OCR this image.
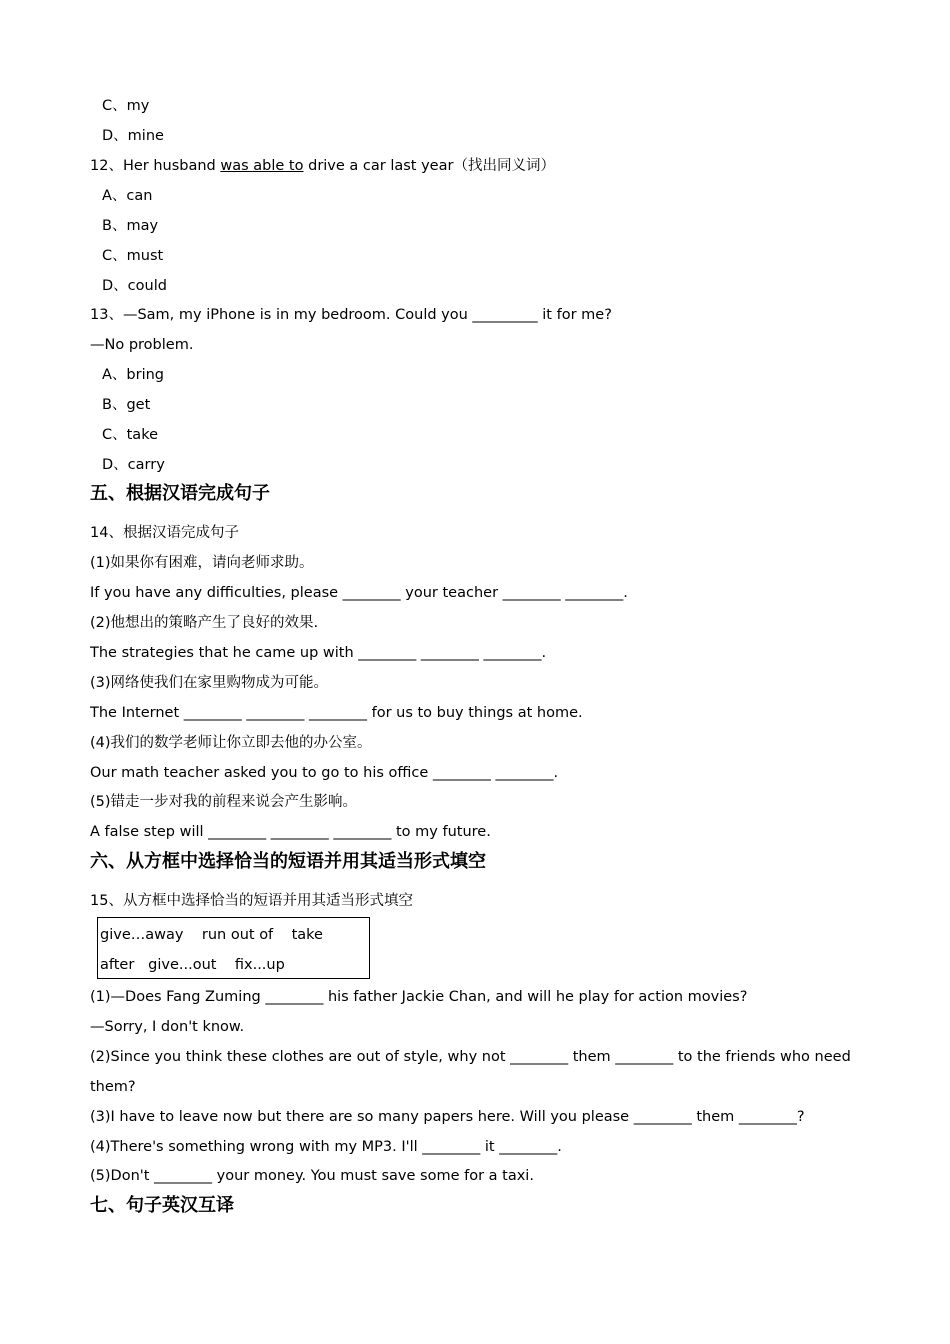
C、my
D、mine
12、Her husband was able to drive a car last year（找出同义词）
A、can
B、may
C、must
D、could
13、—Sam, my iPhone is in my bedroom. Could you _________ it for me?
—No problem.
A、bring
B、get
C、take
D、carry
五、根据汉语完成句子
14、根据汉语完成句子
(1)如果你有困难，请向老师求助。
If you have any difficulties, please ________ your teacher ________ ________.
(2)他想出的策略产生了良好的效果.
The strategies that he came up with ________ ________ ________.
(3)网络使我们在家里购物成为可能。
The Internet ________ ________ ________ for us to buy things at home.
(4)我们的数学老师让你立即去他的办公室。
Our math teacher asked you to go to his office ________ ________.
(5)错走一步对我的前程来说会产生影响。
A false step will ________ ________ ________ to my future.
六、从方框中选择恰当的短语并用其适当形式填空
15、从方框中选择恰当的短语并用其适当形式填空
give…away    run out of    take
after   give...out    fix...up
(1)—Does Fang Zuming ________ his father Jackie Chan, and will he play for action movies?
—Sorry, I don't know.
(2)Since you think these clothes are out of style, why not ________ them ________ to the friends who need
them?
(3)I have to leave now but there are so many papers here. Will you please ________ them ________?
(4)There's something wrong with my MP3. I'll ________ it ________.
(5)Don't ________ your money. You must save some for a taxi.
七、句子英汉互译
